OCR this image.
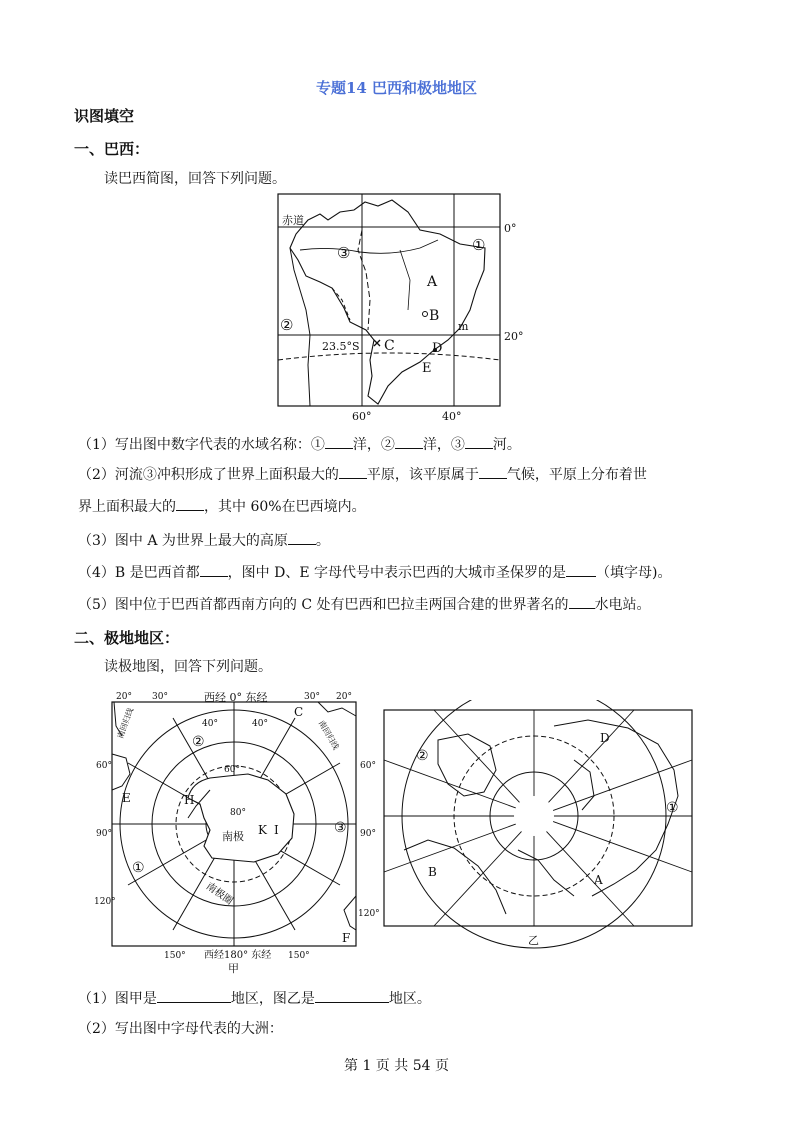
专题14 巴西和极地地区
识图填空
一、巴西：
读巴西简图，回答下列问题。
赤道
0°
20°
23.5°S
60°	40°
①
②
③
A
B
C	D
E
m
（1）写出图中数字代表的水域名称：① 洋，② 洋，③ 河。
（2）河流③冲积形成了世界上面积最大的 平原，该平原属于 气候，平原上分布着世
界上面积最大的 ，其中 60%在巴西境内。
（3）图中 A 为世界上最大的高原 。
（4）B 是巴西首都 ，图中 D、E 字母代号中表示巴西的大城市圣保罗的是 （填字母)。
（5）图中位于巴西首都西南方向的 C 处有巴西和巴拉圭两国合建的世界著名的 水电站。
二、极地地区：
读极地图，回答下列问题。
20° 30°	西经 0° 东经	30° 20°
40°	40°
60°	60°
90°	90°
120°
120°
150°	150°
西经180° 东经
甲
60°
80°
南极
南极圈
南回归线	南回归线
①
②
③
C
E
F
H
K I
乙
①
②
A
B
D
（1）图甲是	地区，图乙是	地区。
（2）写出图中字母代表的大洲：
第 1 页 共 54 页
